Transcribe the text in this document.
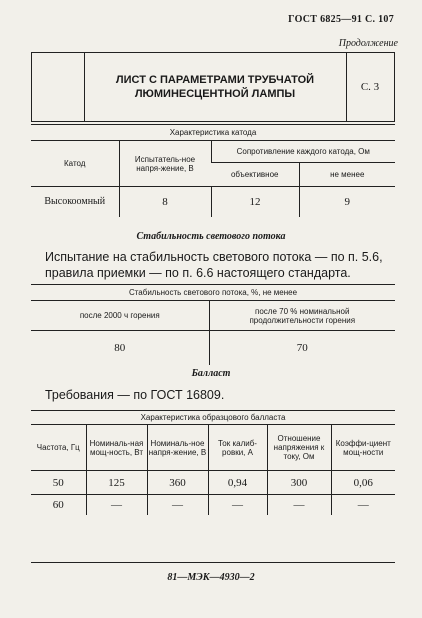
ГОСТ 6825—91 С. 107
Продолжение
ЛИСТ С ПАРАМЕТРАМИ ТРУБЧАТОЙ
ЛЮМИНЕСЦЕНТНОЙ ЛАМПЫ
С. 3
Характеристика катода			
Катод	Испытатель-ное напря-жение, В	Сопротивление каждого катода, Ом	
		объективное	не менее
Высокоомный	8	12	9
Стабильность светового потока
Испытание на стабильность светового потока — по п. 5.6, правила приемки — по п. 6.6 настоящего стандарта.
Стабильность светового потока, %, не менее	
после 2000 ч горения	после 70 % номинальной продолжительности горения
80	70
Балласт
Требования — по ГОСТ 16809.
Характеристика образцового балласта					
Частота, Гц	Номиналь-ная мощ-ность, Вт	Номиналь-ное напря-жение, В	Ток калиб-ровки, А	Отношение напряжения к току, Ом	Коэффи-циент мощ-ности
50	125	360	0,94	300	0,06
60	—	—	—	—	—
81—МЭК—4930—2
